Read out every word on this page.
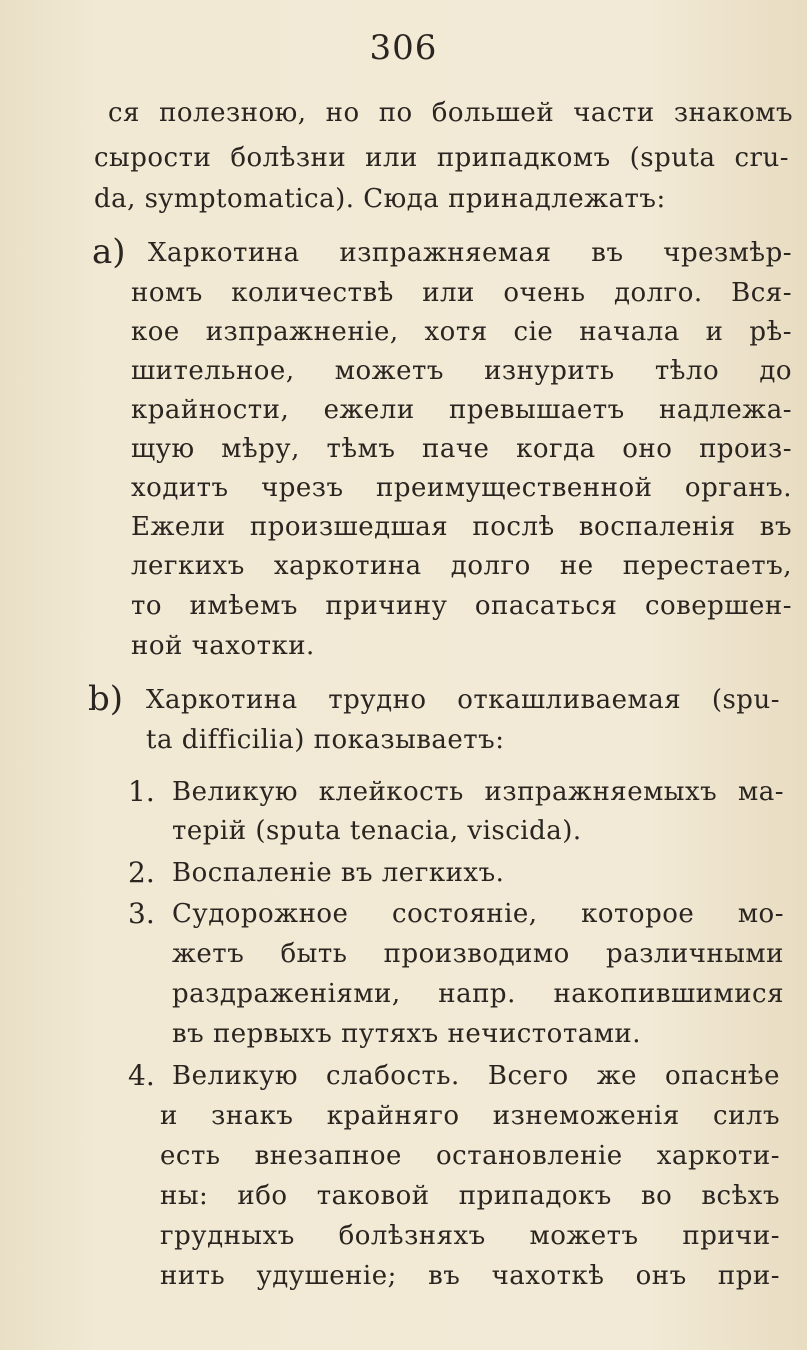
306
ся полезною, но по большей части знакомъ
сырости болѣзни или припадкомъ (sputa cru-
da, symptomatica). Сюда принадлежатъ:
a) Харкотина изпражняемая въ чрезмѣр-
номъ количествѣ или очень долго. Вся-
кое изпражненіе, хотя сіе начала и рѣ-
шительное, можетъ изнурить тѣло до
крайности, ежели превышаетъ надлежа-
щую мѣру, тѣмъ паче когда оно произ-
ходитъ чрезъ преимущественной органъ.
Ежели произшедшая послѣ воспаленія въ
легкихъ харкотина долго не перестаетъ,
то имѣемъ причину опасаться совершен-
ной чахотки.
b) Харкотина трудно откашливаемая (spu-
ta difficilia) показываетъ:
1. Великую клейкость изпражняемыхъ ма-
терій (sputa tenacia, viscida).
2. Воспаленіе въ легкихъ.
3. Судорожное состояніе, которое мо-
жетъ быть производимо различными
раздраженіями, напр. накопившимися
въ первыхъ путяхъ нечистотами.
4. Великую слабость. Всего же опаснѣе
и знакъ крайняго изнеможенія силъ
есть внезапное остановленіе харкоти-
ны: ибо таковой припадокъ во всѣхъ
грудныхъ болѣзняхъ можетъ причи-
нить удушеніе; въ чахоткѣ онъ при-
